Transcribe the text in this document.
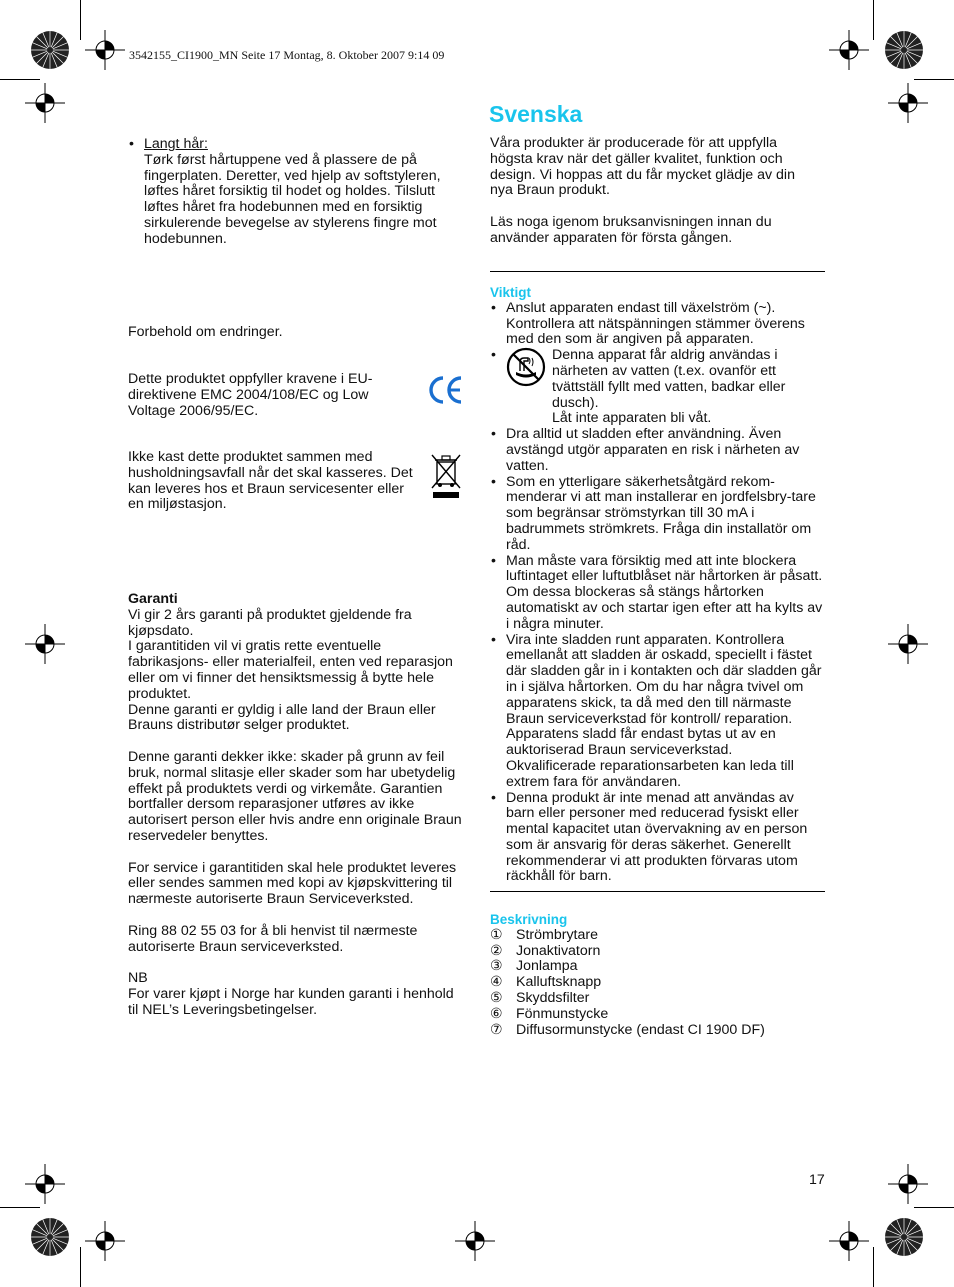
3542155_CI1900_MN Seite 17 Montag, 8. Oktober 2007 9:14 09
• Langt hår:
Tørk først hårtuppene ved å plassere de på fingerplaten. Deretter, ved hjelp av softstyleren, løftes håret forsiktig til hodet og holdes. Tilslutt løftes håret fra hodebunnen med en forsiktig sirkulerende bevegelse av stylerens fingre mot hodebunnen.

Forbehold om endringer.

Dette produktet oppfyller kravene i EU-direktivene EMC 2004/108/EC og Low Voltage 2006/95/EC.

Ikke kast dette produktet sammen med husholdningsavfall når det skal kasseres. Det kan leveres hos et Braun servicesenter eller en miljøstasjon.

Garanti

Vi gir 2 års garanti på produktet gjeldende fra kjøpsdato.

I garantitiden vil vi gratis rette eventuelle fabrikasjons- eller materialfeil, enten ved reparasjon eller om vi finner det hensiktsmessig å bytte hele produktet.

Denne garanti er gyldig i alle land der Braun eller Brauns distributør selger produktet.

Denne garanti dekker ikke: skader på grunn av feil bruk, normal slitasje eller skader som har ubetydelig effekt på produktets verdi og virkemåte. Garantien bortfaller dersom reparasjoner utføres av ikke autorisert person eller hvis andre enn originale Braun reservedeler benyttes.

For service i garantitiden skal hele produktet leveres eller sendes sammen med kopi av kjøpskvittering til nærmeste autoriserte Braun Serviceverksted.

Ring 88 02 55 03 for å bli henvist til nærmeste autoriserte Braun serviceverksted.

NB

For varer kjøpt i Norge har kunden garanti i henhold til NEL’s Leveringsbetingelser.

Svenska

Våra produkter är producerade för att uppfylla högsta krav när det gäller kvalitet, funktion och design. Vi hoppas att du får mycket glädje av din nya Braun produkt.

Läs noga igenom bruksanvisningen innan du använder apparaten för första gången.

Viktigt

• Anslut apparaten endast till växelström (~). Kontrollera att nätspänningen stämmer överens med den som är angiven på apparaten.
• Denna apparat får aldrig användas i närheten av vatten (t.ex. ovanför ett tvättställ fyllt med vatten, badkar eller dusch).
Låt inte apparaten bli våt.
• Dra alltid ut sladden efter användning. Även avstängd utgör apparaten en risk i närheten av vatten.
• Som en ytterligare säkerhetsåtgärd rekom-menderar vi att man installerar en jordfelsbry-tare som begränsar strömstyrkan till 30 mA i badrummets strömkrets. Fråga din installatör om råd.
• Man måste vara försiktig med att inte blockera luftintaget eller luftutblåset när hårtorken är påsatt. Om dessa blockeras så stängs hårtorken automatiskt av och startar igen efter att ha kylts av i några minuter.
• Vira inte sladden runt apparaten. Kontrollera emellanåt att sladden är oskadd, speciellt i fästet där sladden går in i kontakten och där sladden går in i själva hårtorken. Om du har några tvivel om apparatens skick, ta då med den till närmaste Braun serviceverkstad för kontroll/ reparation. Apparatens sladd får endast bytas ut av en auktoriserad Braun serviceverkstad. Okvalificerade reparationsarbeten kan leda till extrem fara för användaren.
• Denna produkt är inte menad att användas av barn eller personer med reducerad fysiskt eller mental kapacitet utan övervakning av en person som är ansvarig för deras säkerhet. Generellt rekommenderar vi att produkten förvaras utom räckhåll för barn.

Beskrivning

① Strömbrytare
② Jonaktivatorn
③ Jonlampa
④ Kalluftsknapp
⑤ Skyddsfilter
⑥ Fönmunstycke
⑦ Diffusormunstycke (endast CI 1900 DF)
17
